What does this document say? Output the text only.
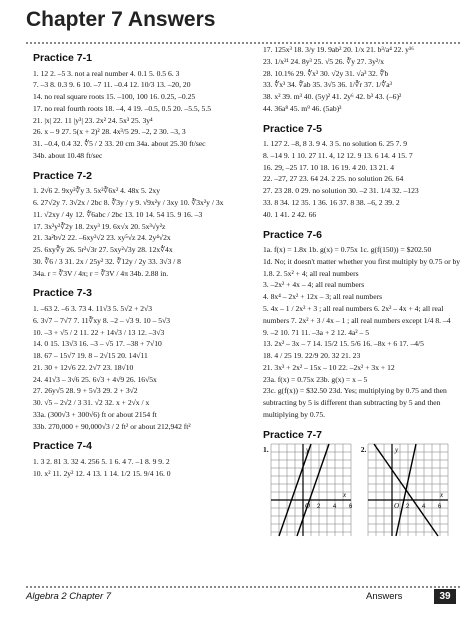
Chapter 7 Answers
Practice 7-1
1. 12 2. –5 3. not a real number 4. 0.1 5. 0.5 6. 3
7. –3 8. 0.3 9. 6 10. –7 11. –0.4 12. 10/3 13. –20, 20
14. no real square roots 15. –100, 100 16. 0.25, –0.25
17. no real fourth roots 18. –4, 4 19. –0.5, 0.5 20. –5.5, 5.5
21. |x| 22. 11 |y³| 23. 2x² 24. 5x³ 25. 3y⁴
26. x – 9 27. 5(x + 2)² 28. 4x³/5 29. –2, 2 30. –3, 3
31. –0.4, 0.4 32. ∜5 / 2 33. 20 cm 34a. about 25.30 ft/sec
34b. about 10.48 ft/sec
Practice 7-2
1. 2√6 2. 9xy²∛y 3. 5x²∛6x² 4. 48x 5. 2xy
6. 27√2y 7. 3√2x / 2bc 8. ∛3y / y 9. √9x²y / 3xy 10. ∛3x²y / 3x
11. √2xy / 4y 12. ∜6abc / 2bc 13. 10 14. 54 15. 9 16. –3
17. 3x²y²∛2y 18. 2xy³ 19. 6x√x 20. 5x³√y²z
21. 3a²b√2 22. –6xy²√2 23. xy⁵√z 24. 2y⁴√2x
25. 6xy∛y 26. 5r²√3r 27. 5xy²√3y 28. 12x∜4x
30. ∛6 / 3 31. 2x / 25y² 32. ∛12y / 2y 33. 3√3 / 8
34a. r = ∛3V / 4π; r = ∛3V / 4π 34b. 2.88 in.
Practice 7-3
1. –63 2. –6 3. 73 4. 11√3 5. 5√2 + 2√3
6. 3√7 – 7√7 7. 11∛xy 8. –2 – √3 9. 10 – 5√3
10. –3 + √5 / 2 11. 22 + 14√3 / 13 12. –3√3
14. 0 15. 13√3 16. –3 – √5 17. –38 + 7√10
18. 67 – 15√7 19. 8 – 2√15 20. 14√11
21. 30 + 12√6 22. 2√7 23. 18√10
24. 41√3 – 3√6 25. 6√3 + 4√9 26. 16√5x
27. 26y√5 28. 9 + 5√3 29. 2 + 3√2
30. √5 – 2√2 / 3 31. √2 32. x + 2√x / x
33a. (300√3 + 300√6) ft or about 2154 ft
33b. 270,000 + 90,000√3 / 2 ft² or about 212,942 ft²
Practice 7-4
1. 3 2. 81 3. 32 4. 256 5. 1 6. 4 7. –1 8. 9 9. 2
10. x² 11. 2y² 12. 4 13. 1 14. 1/2 15. 9/4 16. 0
17. 125x³ 18. 3/y 19. 9ab² 20. 1/x 21. b³/a⁴ 22. y¹⁶
23. 1/x²¹ 24. 8y³ 25. √5 26. ∛y 27. 3y²/x
28. 10.1% 29. ∜x³ 30. √2y 31. √a³ 32. ∜b
33. ∜x³ 34. ∜ab 35. 3√5 36. 1/∛r 37. 1/∜a³
38. x² 39. m³ 40. (5y)² 41. 2y⁶ 42. b³ 43. (–6)²
44. 36a⁸ 45. m⁹ 46. (5ab)³
Practice 7-5
1. 127 2. –8, 8 3. 9 4. 3 5. no solution 6. 25 7. 9
8. –14 9. 1 10. 27 11. 4, 12 12. 9 13. 6 14. 4 15. 7
16. 29, –25 17. 10 18. 16 19. 4 20. 13 21. 4
22. –27, 27 23. 64 24. 2 25. no solution 26. 64
27. 23 28. 0 29. no solution 30. –2 31. 1/4 32. –123
33. 8 34. 12 35. 1 36. 16 37. 8 38. –6, 2 39. 2
40. 1 41. 2 42. 66
Practice 7-6
1a. f(x) = 1.8x 1b. g(x) = 0.75x 1c. g(f(150)) = $202.50
1d. No; it doesn't matter whether you first multiply by 0.75 or by 1.8. 2. 5x² + 4; all real numbers
3. –2x² + 4x – 4; all real numbers
4. 8x⁴ – 2x² + 12x – 3; all real numbers
5. 4x – 1 / 2x² + 3 ; all real numbers 6. 2x² – 4x + 4; all real
numbers 7. 2x² + 3 / 4x – 1 ; all real numbers except 1/4 8. –4
9. –2 10. 71 11. –3a + 2 12. 4a² – 5
13. 2x² – 3x – 7 14. 15/2 15. 5/6 16. –8x + 6 17. –4/5
18. 4 / 25 19. 22/9 20. 32 21. 23
21. 3x³ + 2x² – 15x – 10 22. –2x² + 3x + 12
23a. f(x) = 0.75x 23b. g(x) = x – 5
23c. g(f(x)) = $32.50 23d. Yes; multiplying by 0.75 and then subtracting by 5 is different than subtracting by 5 and then multiplying by 0.75.
Practice 7-7
1.	y
x
O 2 4 6
2.	y
x
O 2 4 6
Algebra 2 Chapter 7	Answers	39
